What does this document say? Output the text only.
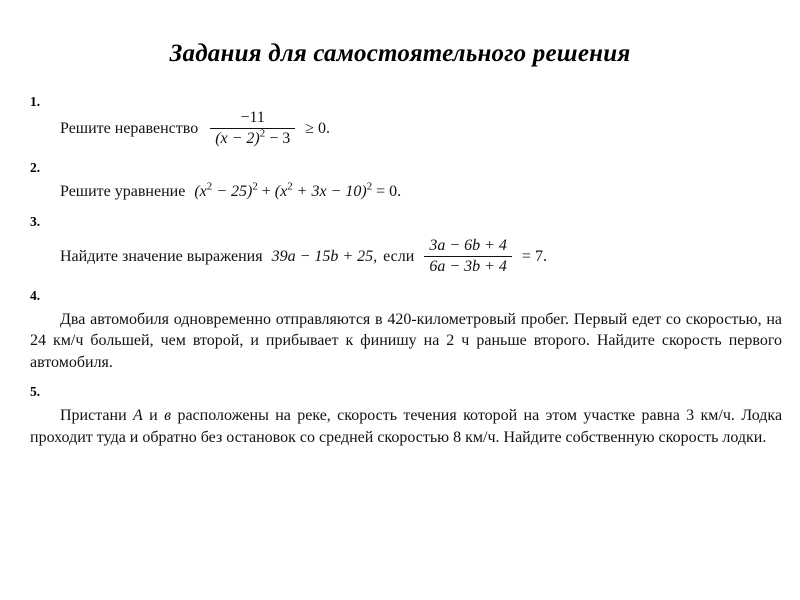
Задания для самостоятельного решения
1.
Решите неравенство $\frac{-11}{(x - 2)^2 - 3} \ge 0$.
2.
Решите уравнение $(x^2 - 25)^2 + (x^2 + 3x - 10)^2 = 0$.
3.
Найдите значение выражения 39a − 15b + 25, если $\frac{3a - 6b + 4}{6a - 3b + 4} = 7$.
4.

Два автомобиля одновременно отправляются в 420-километровый пробег. Первый едет со скоростью, на 24 км/ч большей, чем второй, и прибывает к финишу на 2 ч раньше второго. Найдите скорость первого автомобиля.

5.

Пристани A и в расположены на реке, скорость течения которой на этом участке равна 3 км/ч. Лодка проходит туда и обратно без остановок со средней скоростью 8 км/ч. Найдите собственную скорость лодки.
